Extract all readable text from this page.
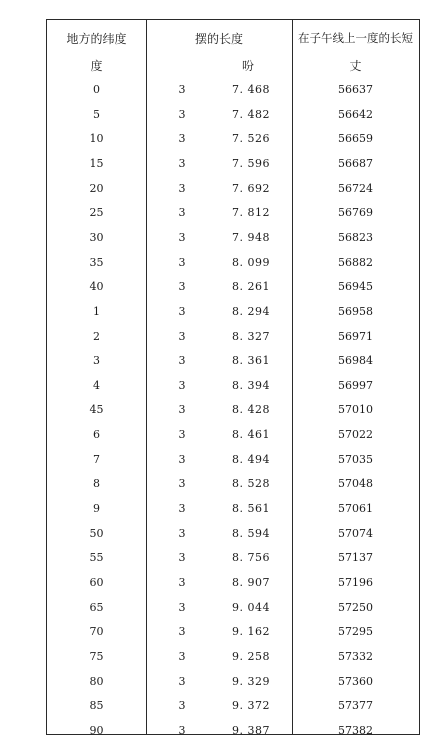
地方的纬度	摆的长度	在子午线上一度的长短
度	吩	丈
0	3	7. 468	56637
5	3	7. 482	56642
10	3	7. 526	56659
15	3	7. 596	56687
20	3	7. 692	56724
25	3	7. 812	56769
30	3	7. 948	56823
35	3	8. 099	56882
40	3	8. 261	56945
1	3	8. 294	56958
2	3	8. 327	56971
3	3	8. 361	56984
4	3	8. 394	56997
45	3	8. 428	57010
6	3	8. 461	57022
7	3	8. 494	57035
8	3	8. 528	57048
9	3	8. 561	57061
50	3	8. 594	57074
55	3	8. 756	57137
60	3	8. 907	57196
65	3	9. 044	57250
70	3	9. 162	57295
75	3	9. 258	57332
80	3	9. 329	57360
85	3	9. 372	57377
90	3	9. 387	57382
